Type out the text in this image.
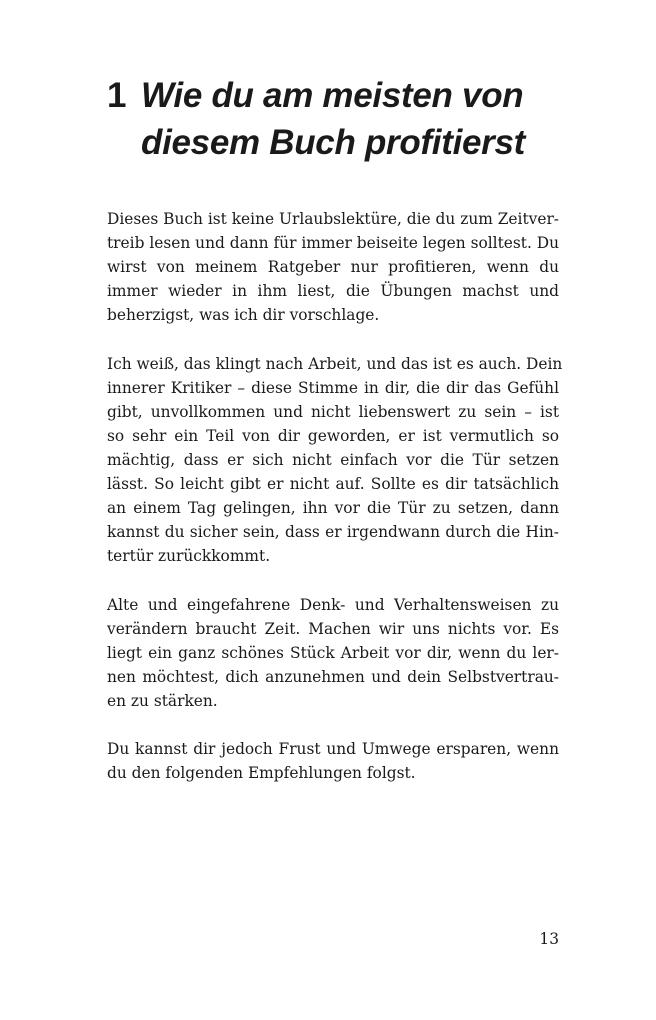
1 Wie du am meisten von
diesem Buch profitierst

Dieses Buch ist keine Urlaubslektüre, die du zum Zeitver-
treib lesen und dann für immer beiseite legen solltest. Du
wirst von meinem Ratgeber nur profitieren, wenn du
immer wieder in ihm liest, die Übungen machst und
beherzigst, was ich dir vorschlage.

Ich weiß, das klingt nach Arbeit, und das ist es auch. Dein
innerer Kritiker – diese Stimme in dir, die dir das Gefühl
gibt, unvollkommen und nicht liebenswert zu sein – ist
so sehr ein Teil von dir geworden, er ist vermutlich so
mächtig, dass er sich nicht einfach vor die Tür setzen
lässt. So leicht gibt er nicht auf. Sollte es dir tatsächlich
an einem Tag gelingen, ihn vor die Tür zu setzen, dann
kannst du sicher sein, dass er irgendwann durch die Hin-
tertür zurückkommt.

Alte und eingefahrene Denk- und Verhaltensweisen zu
verändern braucht Zeit. Machen wir uns nichts vor. Es
liegt ein ganz schönes Stück Arbeit vor dir, wenn du ler-
nen möchtest, dich anzunehmen und dein Selbstvertrau-
en zu stärken.

Du kannst dir jedoch Frust und Umwege ersparen, wenn
du den folgenden Empfehlungen folgst.

13
